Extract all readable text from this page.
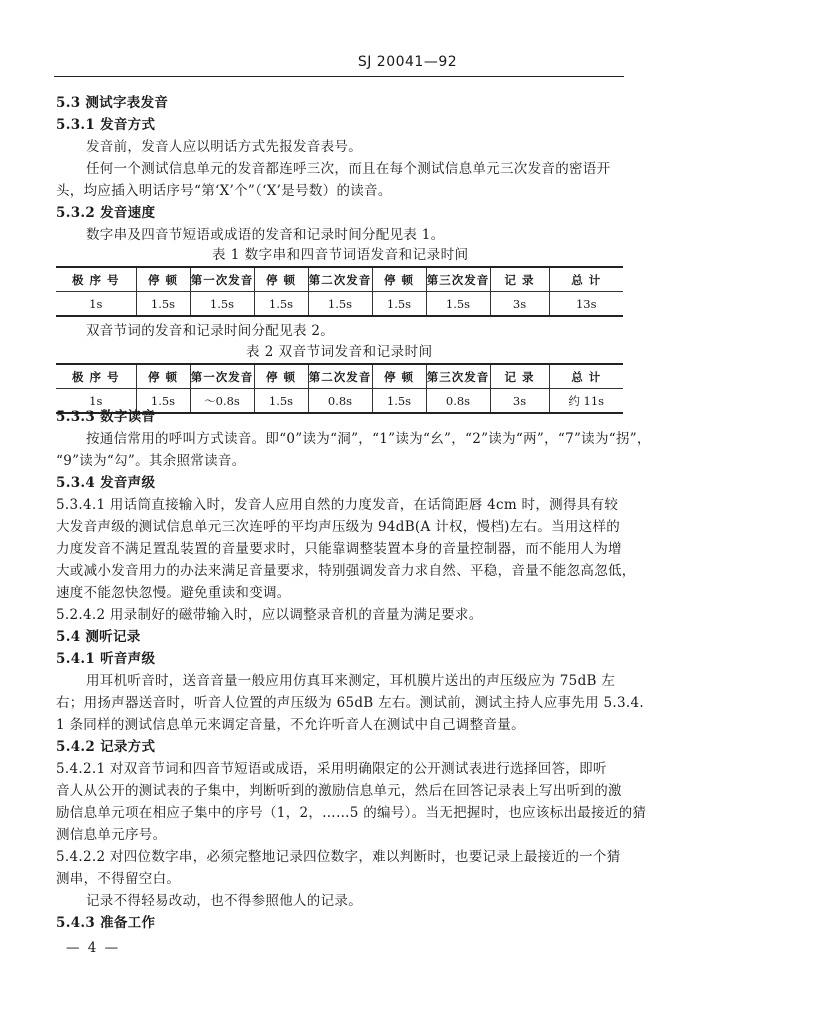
SJ 20041—92
5.3 测试字表发音
5.3.1 发音方式
发音前，发音人应以明话方式先报发音表号。
任何一个测试信息单元的发音都连呼三次，而且在每个测试信息单元三次发音的密语开
头，均应插入明话序号“第‘X’个”（‘X’是号数）的读音。
5.3.2 发音速度
数字串及四音节短语或成语的发音和记录时间分配见表 1。
表 1 数字串和四音节词语发音和记录时间
极 序 号	停 顿	第一次发音	停 顿	第二次发音	停 顿	第三次发音	记 录	总 计
1s	1.5s	1.5s	1.5s	1.5s	1.5s	1.5s	3s	13s
双音节词的发音和记录时间分配见表 2。
表 2 双音节词发音和记录时间
极 序 号	停 顿	第一次发音	停 顿	第二次发音	停 顿	第三次发音	记 录	总 计
1s	1.5s	～0.8s	1.5s	0.8s	1.5s	0.8s	3s	约 11s
5.3.3 数字读音
按通信常用的呼叫方式读音。即“0”读为“洞”，“1”读为“幺”，“2”读为“两”，“7”读为“拐”，
“9”读为“勾”。其余照常读音。
5.3.4 发音声级
5.3.4.1 用话筒直接输入时，发音人应用自然的力度发音，在话筒距唇 4cm 时，测得具有较
大发音声级的测试信息单元三次连呼的平均声压级为 94dB(A 计权，慢档)左右。当用这样的
力度发音不满足置乱装置的音量要求时，只能靠调整装置本身的音量控制器，而不能用人为增
大或减小发音用力的办法来满足音量要求，特别强调发音力求自然、平稳，音量不能忽高忽低，
速度不能忽快忽慢。避免重读和变调。
5.2.4.2 用录制好的磁带输入时，应以调整录音机的音量为满足要求。
5.4 测听记录
5.4.1 听音声级
用耳机听音时，送音音量一般应用仿真耳来测定，耳机膜片送出的声压级应为 75dB 左
右；用扬声器送音时，听音人位置的声压级为 65dB 左右。测试前，测试主持人应事先用 5.3.4.
1 条同样的测试信息单元来调定音量，不允许听音人在测试中自己调整音量。
5.4.2 记录方式
5.4.2.1 对双音节词和四音节短语或成语，采用明确限定的公开测试表进行选择回答，即听
音人从公开的测试表的子集中，判断听到的激励信息单元，然后在回答记录表上写出听到的激
励信息单元项在相应子集中的序号（1，2，……5 的编号）。当无把握时，也应该标出最接近的猜
测信息单元序号。
5.4.2.2 对四位数字串，必须完整地记录四位数字，难以判断时，也要记录上最接近的一个猜
测串，不得留空白。
记录不得轻易改动，也不得参照他人的记录。
5.4.3 准备工作
— 4 —
